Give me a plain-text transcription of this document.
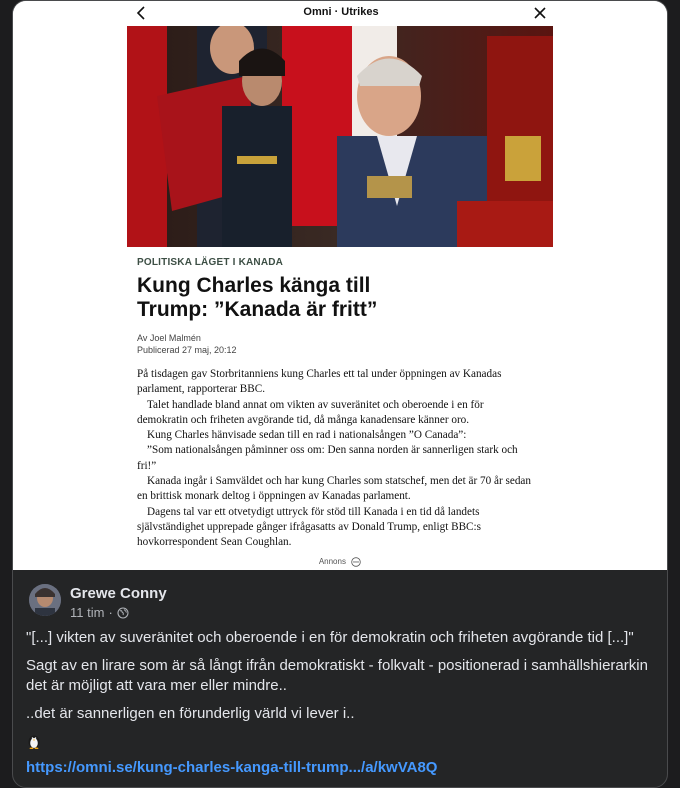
Omni · Utrikes
POLITISKA LÄGET I KANADA
Kung Charles känga till Trump: ”Kanada är fritt”
Av Joel Malmén
Publicerad 27 maj, 20:12

På tisdagen gav Storbritanniens kung Charles ett tal under öppningen av Kanadas parlament, rapporterar BBC.

Talet handlade bland annat om vikten av suveränitet och oberoende i en för demokratin och friheten avgörande tid, då många kanadensare känner oro.

Kung Charles hänvisade sedan till en rad i nationalsången ”O Canada”:

”Som nationalsången påminner oss om: Den sanna norden är sannerligen stark och fri!”

Kanada ingår i Samväldet och har kung Charles som statschef, men det är 70 år sedan en brittisk monark deltog i öppningen av Kanadas parlament.

Dagens tal var ett otvetydigt uttryck för stöd till Kanada i en tid då landets självständighet upprepade gånger ifrågasatts av Donald Trump, enligt BBC:s hovkorrespondent Sean Coughlan.

Annons
Grewe Conny
11 tim ·
"[...] vikten av suveränitet och oberoende i en för demokratin och friheten avgörande tid [...]"
Sagt av en lirare som är så långt ifrån demokratiskt - folkvalt - positionerad i samhällshierarkin det är möjligt att vara mer eller mindre..
..det är sannerligen en förunderlig värld vi lever i..
https://omni.se/kung-charles-kanga-till-trump.../a/kwVA8Q
